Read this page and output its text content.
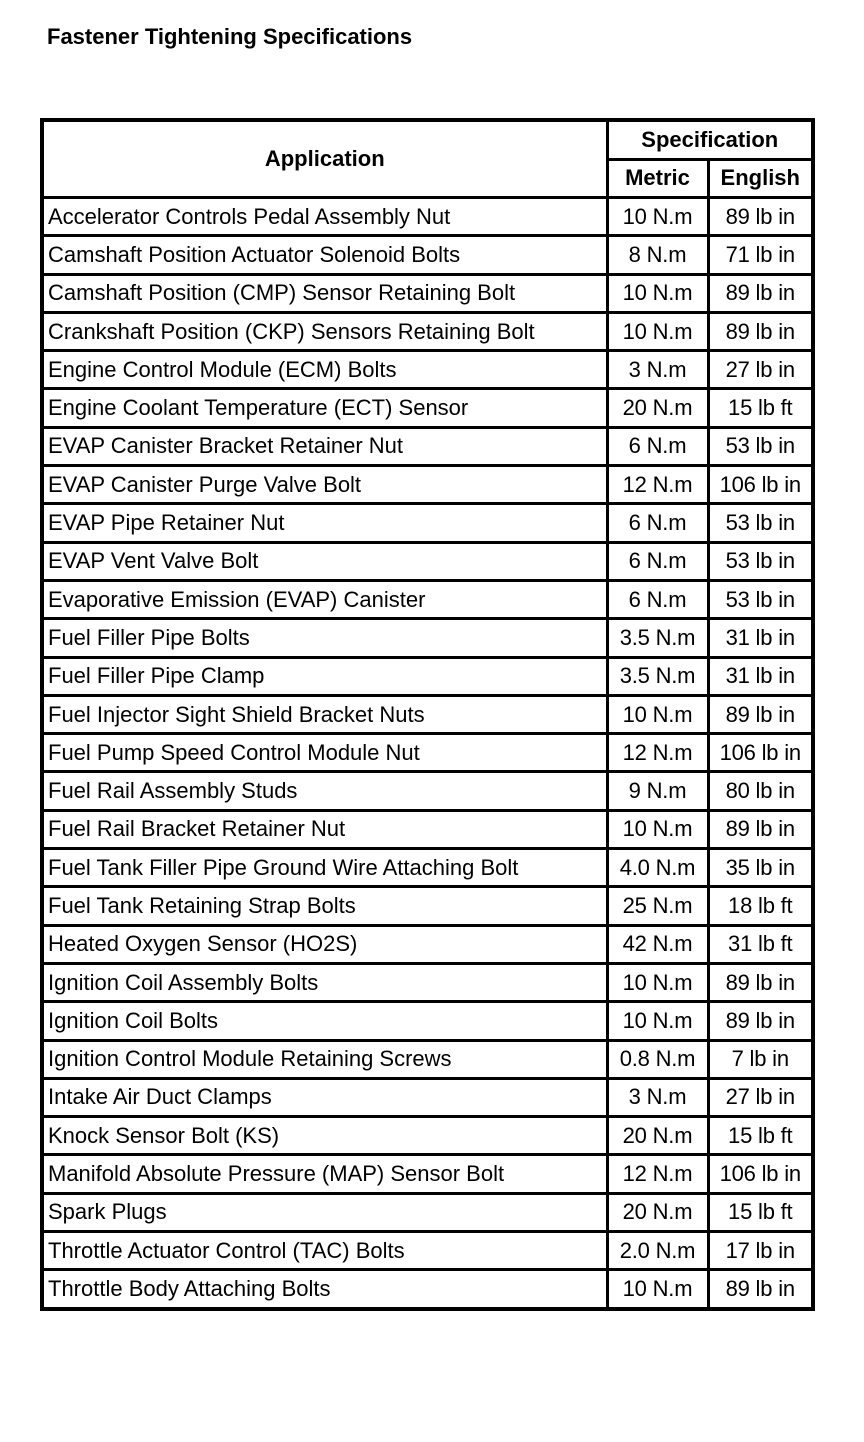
Fastener Tightening Specifications
Application	Specification	
	Metric	English
Accelerator Controls Pedal Assembly Nut	10 N.m	89 lb in
Camshaft Position Actuator Solenoid Bolts	8 N.m	71 lb in
Camshaft Position (CMP) Sensor Retaining Bolt	10 N.m	89 lb in
Crankshaft Position (CKP) Sensors Retaining Bolt	10 N.m	89 lb in
Engine Control Module (ECM) Bolts	3 N.m	27 lb in
Engine Coolant Temperature (ECT) Sensor	20 N.m	15 lb ft
EVAP Canister Bracket Retainer Nut	6 N.m	53 lb in
EVAP Canister Purge Valve Bolt	12 N.m	106 lb in
EVAP Pipe Retainer Nut	6 N.m	53 lb in
EVAP Vent Valve Bolt	6 N.m	53 lb in
Evaporative Emission (EVAP) Canister	6 N.m	53 lb in
Fuel Filler Pipe Bolts	3.5 N.m	31 lb in
Fuel Filler Pipe Clamp	3.5 N.m	31 lb in
Fuel Injector Sight Shield Bracket Nuts	10 N.m	89 lb in
Fuel Pump Speed Control Module Nut	12 N.m	106 lb in
Fuel Rail Assembly Studs	9 N.m	80 lb in
Fuel Rail Bracket Retainer Nut	10 N.m	89 lb in
Fuel Tank Filler Pipe Ground Wire Attaching Bolt	4.0 N.m	35 lb in
Fuel Tank Retaining Strap Bolts	25 N.m	18 lb ft
Heated Oxygen Sensor (HO2S)	42 N.m	31 lb ft
Ignition Coil Assembly Bolts	10 N.m	89 lb in
Ignition Coil Bolts	10 N.m	89 lb in
Ignition Control Module Retaining Screws	0.8 N.m	7 lb in
Intake Air Duct Clamps	3 N.m	27 lb in
Knock Sensor Bolt (KS)	20 N.m	15 lb ft
Manifold Absolute Pressure (MAP) Sensor Bolt	12 N.m	106 lb in
Spark Plugs	20 N.m	15 lb ft
Throttle Actuator Control (TAC) Bolts	2.0 N.m	17 lb in
Throttle Body Attaching Bolts	10 N.m	89 lb in
